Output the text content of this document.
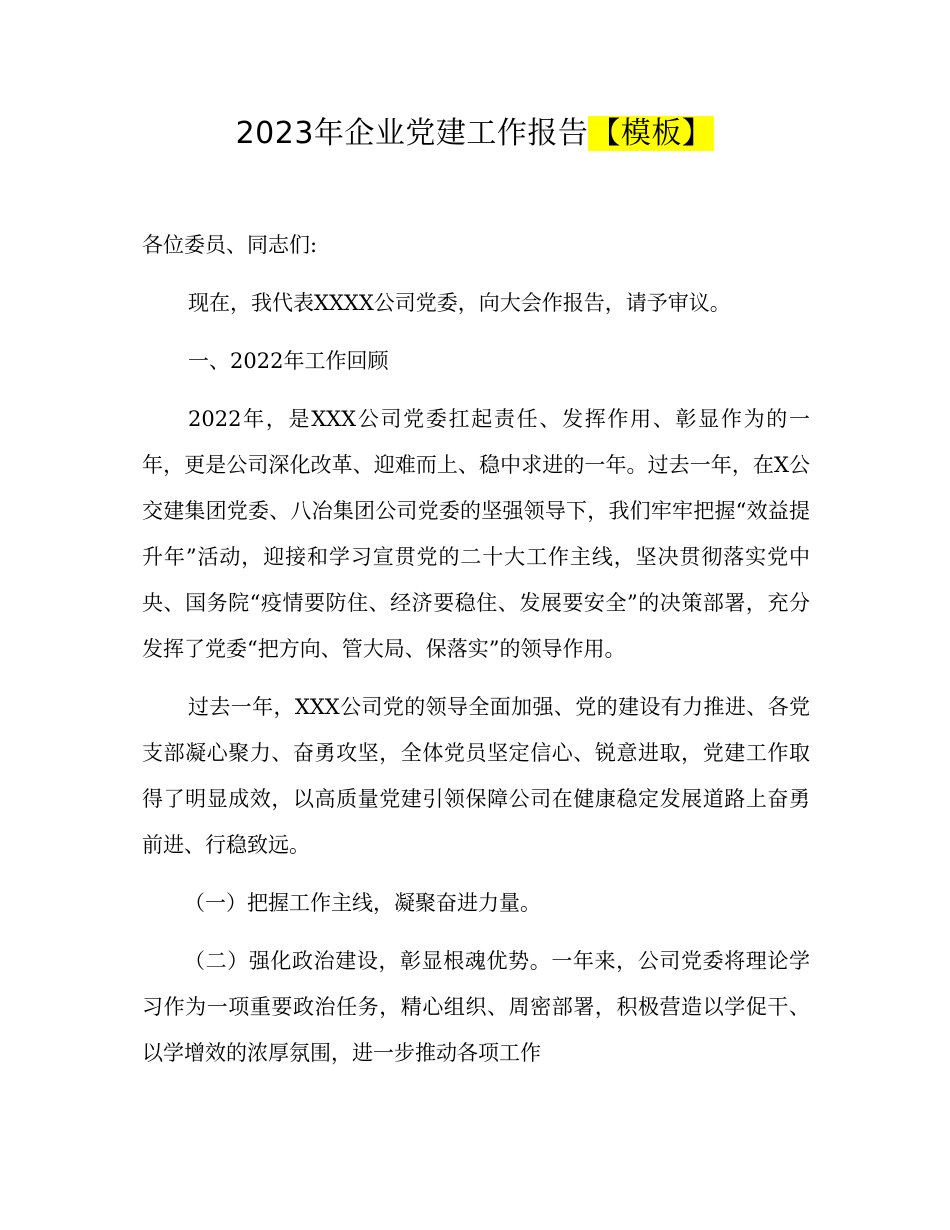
2023年企业党建工作报告【模板】

各位委员、同志们:

现在，我代表XXXX公司党委，向大会作报告，请予审议。

一、2022年工作回顾

2022年，是XXX公司党委扛起责任、发挥作用、彰显作为的一年，更是公司深化改革、迎难而上、稳中求进的一年。过去一年，在X公交建集团党委、八冶集团公司党委的坚强领导下，我们牢牢把握“效益提升年”活动，迎接和学习宣贯党的二十大工作主线，坚决贯彻落实党中央、国务院“疫情要防住、经济要稳住、发展要安全”的决策部署，充分发挥了党委“把方向、管大局、保落实”的领导作用。

过去一年，XXX公司党的领导全面加强、党的建设有力推进、各党支部凝心聚力、奋勇攻坚，全体党员坚定信心、锐意进取，党建工作取得了明显成效，以高质量党建引领保障公司在健康稳定发展道路上奋勇前进、行稳致远。

（一）把握工作主线，凝聚奋进力量。

（二）强化政治建设，彰显根魂优势。一年来，公司党委将理论学习作为一项重要政治任务，精心组织、周密部署，积极营造以学促干、以学增效的浓厚氛围，进一步推动各项工作
